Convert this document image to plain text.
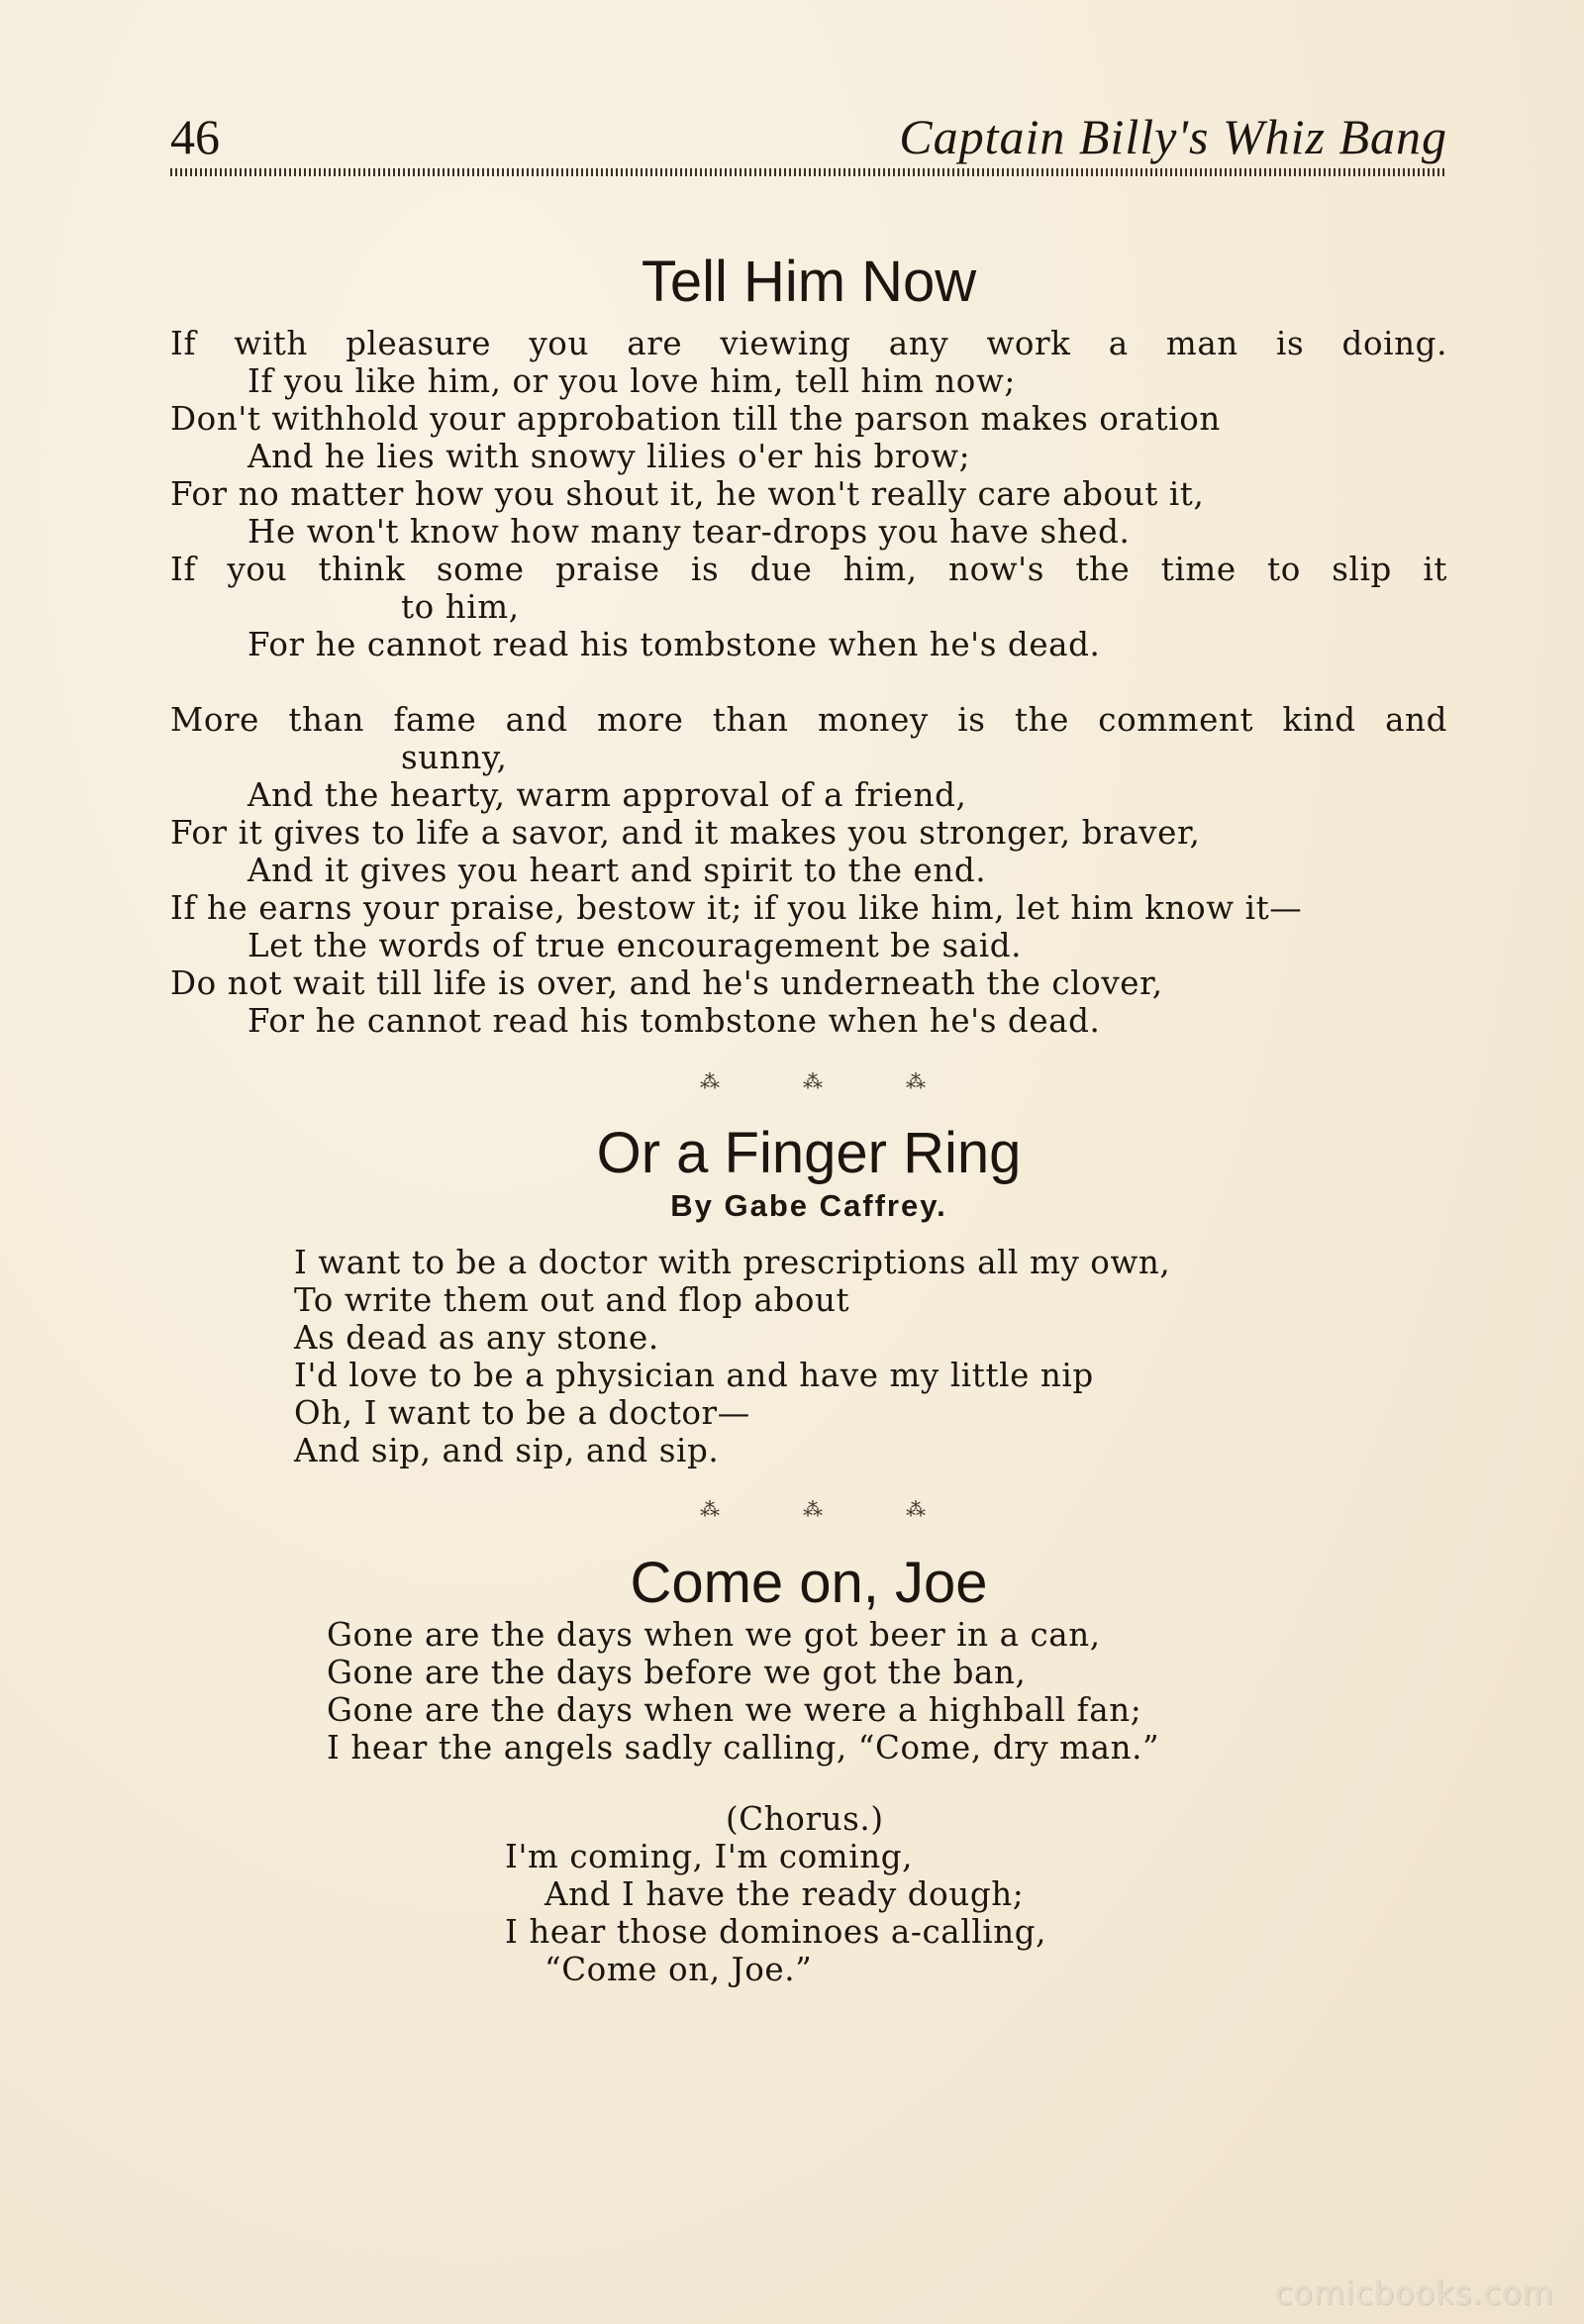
46	Captain Billy's Whiz Bang
Tell Him Now
If with pleasure you are viewing any work a man is doing.
If you like him, or you love him, tell him now;
Don't withhold your approbation till the parson makes oration
And he lies with snowy lilies o'er his brow;
For no matter how you shout it, he won't really care about it,
He won't know how many tear-drops you have shed.
If you think some praise is due him, now's the time to slip it
to him,
For he cannot read his tombstone when he's dead.
More than fame and more than money is the comment kind and
sunny,
And the hearty, warm approval of a friend,
For it gives to life a savor, and it makes you stronger, braver,
And it gives you heart and spirit to the end.
If he earns your praise, bestow it; if you like him, let him know it—
Let the words of true encouragement be said.
Do not wait till life is over, and he's underneath the clover,
For he cannot read his tombstone when he's dead.
⁂	⁂	⁂
Or a Finger Ring
By Gabe Caffrey.
I want to be a doctor with prescriptions all my own,
To write them out and flop about
As dead as any stone.
I'd love to be a physician and have my little nip
Oh, I want to be a doctor—
And sip, and sip, and sip.
⁂	⁂	⁂
Come on, Joe
Gone are the days when we got beer in a can,
Gone are the days before we got the ban,
Gone are the days when we were a highball fan;
I hear the angels sadly calling, “Come, dry man.”
(Chorus.)
I'm coming, I'm coming,
And I have the ready dough;
I hear those dominoes a-calling,
“Come on, Joe.”
comicbooks.com
